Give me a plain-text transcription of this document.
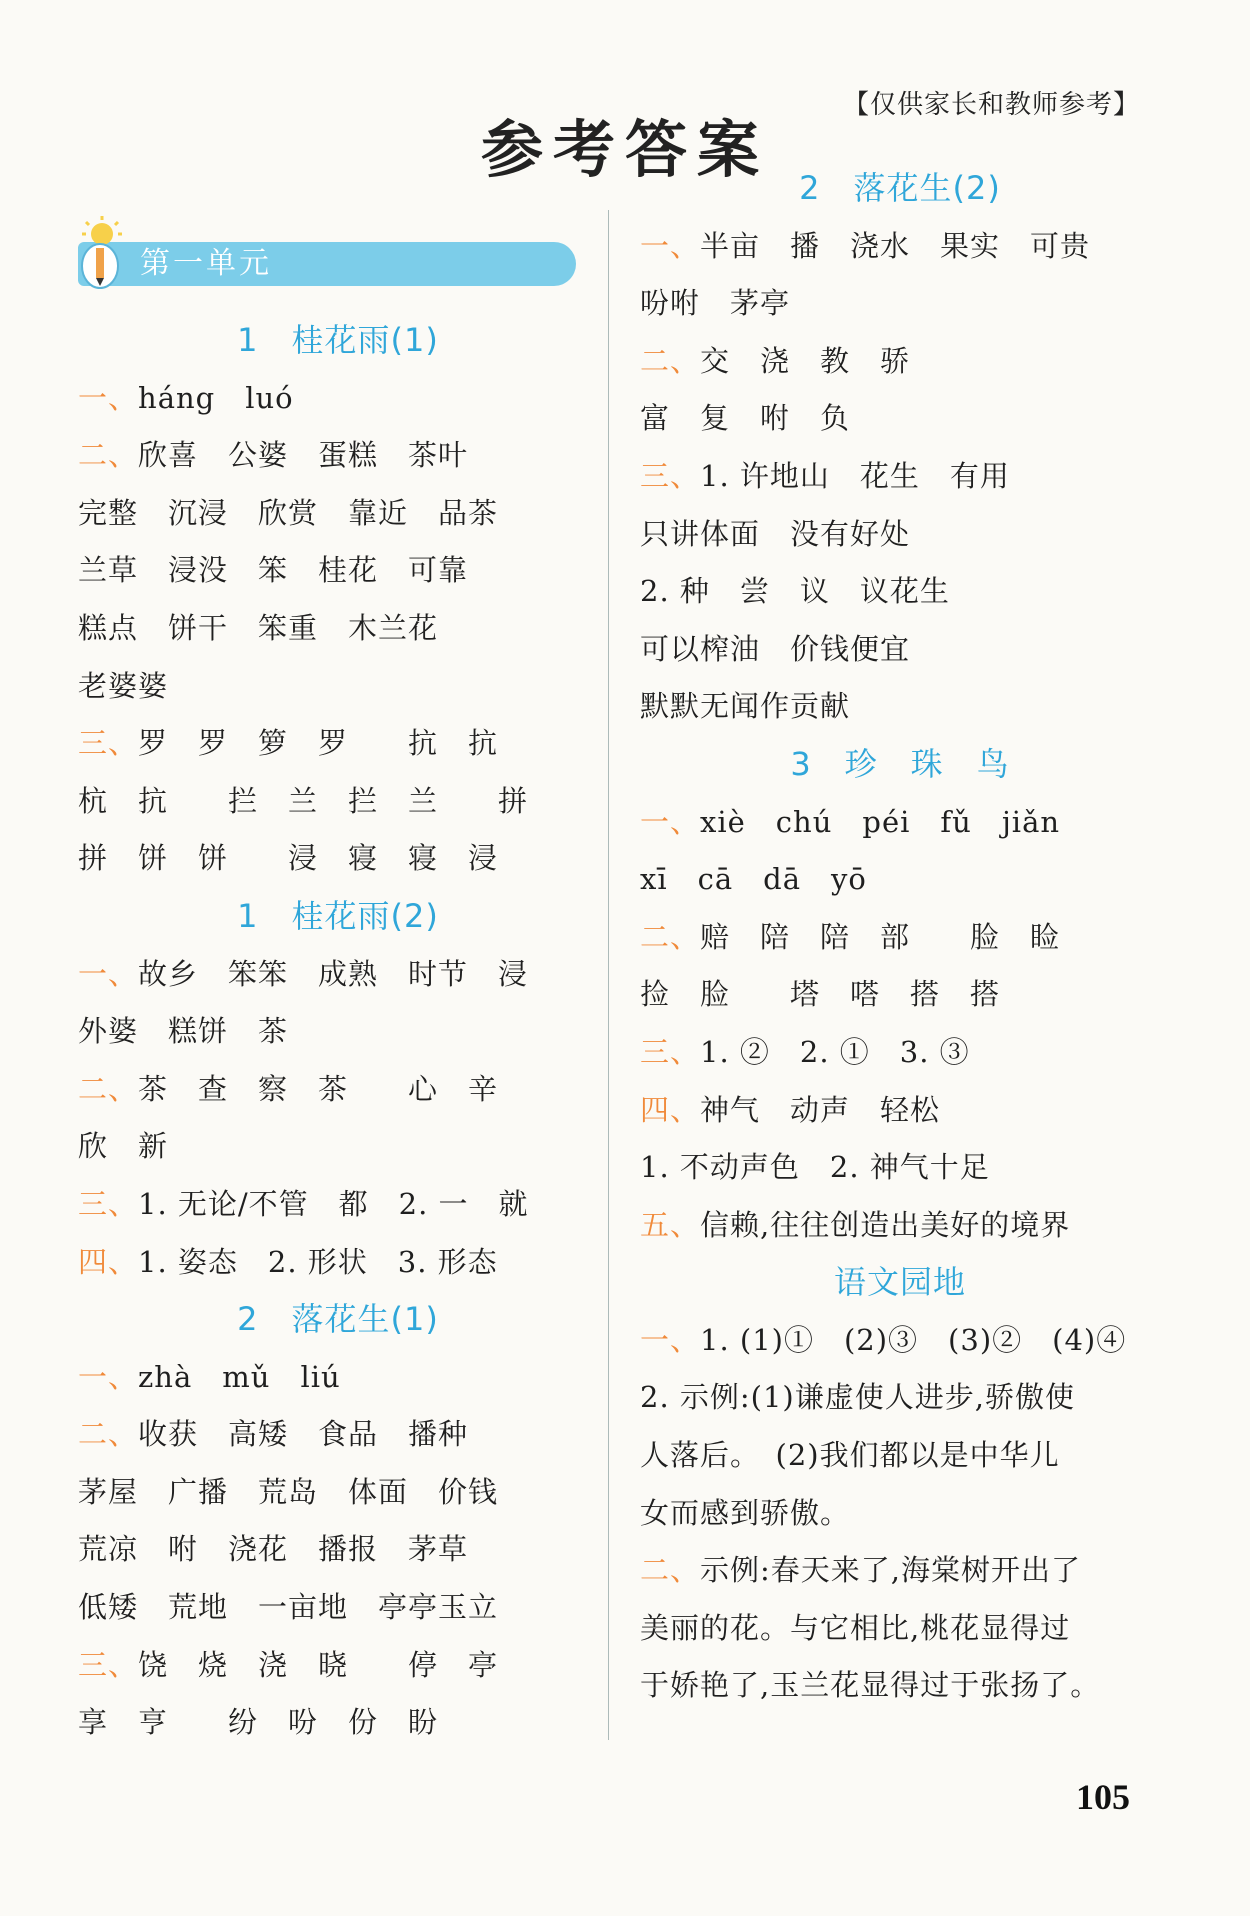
参考答案
【仅供家长和教师参考】
第一单元
1　桂花雨(1)
一、háng　luó
二、欣喜　公婆　蛋糕　茶叶
完整　沉浸　欣赏　靠近　品茶
兰草　浸没　笨　桂花　可靠
糕点　饼干　笨重　木兰花
老婆婆
三、罗　罗　箩　罗　　抗　抗
杭　抗　　拦　兰　拦　兰　　拼
拼　饼　饼　　浸　寝　寝　浸
1　桂花雨(2)
一、故乡　笨笨　成熟　时节　浸
外婆　糕饼　茶
二、茶　查　察　茶　　心　辛
欣　新
三、1. 无论/不管　都　2. 一　就
四、1. 姿态　2. 形状　3. 形态
2　落花生(1)
一、zhà　mǔ　liú
二、收获　高矮　食品　播种
茅屋　广播　荒岛　体面　价钱
荒凉　咐　浇花　播报　茅草
低矮　荒地　一亩地　亭亭玉立
三、饶　烧　浇　晓　　停　亭
享　亨　　纷　吩　份　盼
2　落花生(2)
一、半亩　播　浇水　果实　可贵
吩咐　茅亭
二、交　浇　教　骄
富　复　咐　负
三、1. 许地山　花生　有用
只讲体面　没有好处
2. 种　尝　议　议花生
可以榨油　价钱便宜
默默无闻作贡献
3　珍　珠　鸟
一、xiè　chú　péi　fǔ　jiǎn
xī　cā　dā　yō
二、赔　陪　陪　部　　脸　睑
捡　脸　　塔　嗒　搭　搭
三、1. ②　2. ①　3. ③
四、神气　动声　轻松
1. 不动声色　2. 神气十足
五、信赖,往往创造出美好的境界
语文园地
一、1. (1)①　(2)③　(3)②　(4)④
2. 示例:(1)谦虚使人进步,骄傲使
人落后。　(2)我们都以是中华儿
女而感到骄傲。
二、示例:春天来了,海棠树开出了
美丽的花。与它相比,桃花显得过
于娇艳了,玉兰花显得过于张扬了。
105
